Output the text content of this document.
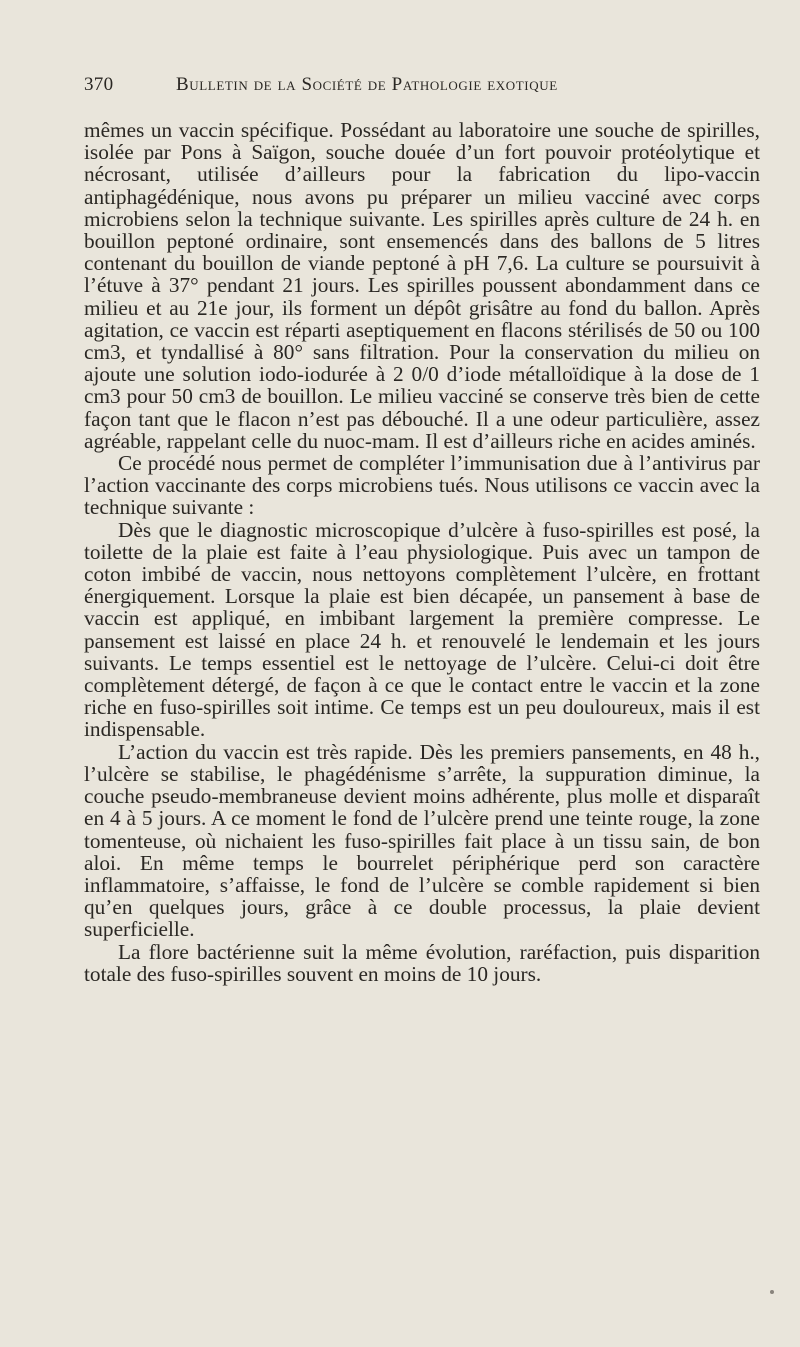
370	Bulletin de la Société de Pathologie exotique

mêmes un vaccin spécifique. Possédant au laboratoire une souche de spirilles, isolée par Pons à Saïgon, souche douée d’un fort pouvoir protéolytique et nécrosant, utilisée d’ailleurs pour la fabrication du lipo-vaccin antiphagédénique, nous avons pu préparer un milieu vacciné avec corps microbiens selon la technique suivante. Les spirilles après culture de 24 h. en bouillon peptoné ordinaire, sont ensemencés dans des ballons de 5 litres contenant du bouillon de viande peptoné à pH 7,6. La culture se poursuivit à l’étuve à 37° pendant 21 jours. Les spirilles poussent abondamment dans ce milieu et au 21e jour, ils forment un dépôt grisâtre au fond du ballon. Après agitation, ce vaccin est réparti aseptiquement en flacons stérilisés de 50 ou 100 cm3, et tyndallisé à 80° sans filtration. Pour la conservation du milieu on ajoute une solution iodo-iodurée à 2 0/0 d’iode métalloïdique à la dose de 1 cm3 pour 50 cm3 de bouillon. Le milieu vacciné se conserve très bien de cette façon tant que le flacon n’est pas débouché. Il a une odeur particulière, assez agréable, rappelant celle du nuoc-mam. Il est d’ailleurs riche en acides aminés.

Ce procédé nous permet de compléter l’immunisation due à l’antivirus par l’action vaccinante des corps microbiens tués. Nous utilisons ce vaccin avec la technique suivante :

Dès que le diagnostic microscopique d’ulcère à fuso-spirilles est posé, la toilette de la plaie est faite à l’eau physiologique. Puis avec un tampon de coton imbibé de vaccin, nous nettoyons complètement l’ulcère, en frottant énergiquement. Lorsque la plaie est bien décapée, un pansement à base de vaccin est appliqué, en imbibant largement la première compresse. Le pansement est laissé en place 24 h. et renouvelé le lendemain et les jours suivants. Le temps essentiel est le nettoyage de l’ulcère. Celui-ci doit être complètement détergé, de façon à ce que le contact entre le vaccin et la zone riche en fuso-spirilles soit intime. Ce temps est un peu douloureux, mais il est indispensable.

L’action du vaccin est très rapide. Dès les premiers pansements, en 48 h., l’ulcère se stabilise, le phagédénisme s’arrête, la suppuration diminue, la couche pseudo-membraneuse devient moins adhérente, plus molle et disparaît en 4 à 5 jours. A ce moment le fond de l’ulcère prend une teinte rouge, la zone tomenteuse, où nichaient les fuso-spirilles fait place à un tissu sain, de bon aloi. En même temps le bourrelet périphérique perd son caractère inflammatoire, s’affaisse, le fond de l’ulcère se comble rapidement si bien qu’en quelques jours, grâce à ce double processus, la plaie devient superficielle.

La flore bactérienne suit la même évolution, raréfaction, puis disparition totale des fuso-spirilles souvent en moins de 10 jours.
